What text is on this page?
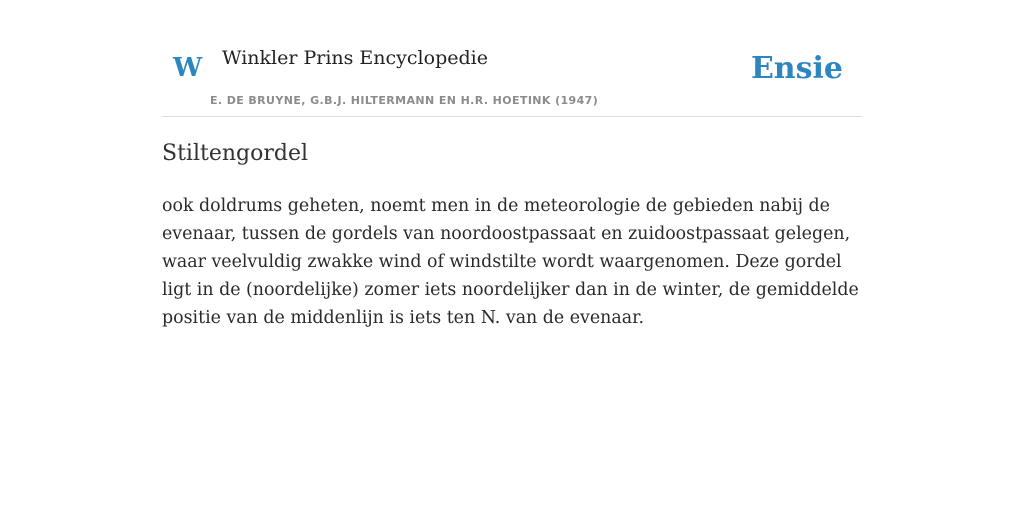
W Winkler Prins Encyclopedie
E. DE BRUYNE, G.B.J. HILTERMANN EN H.R. HOETINK (1947)
Ensie
Stiltengordel

ook doldrums geheten, noemt men in de meteorologie de gebieden nabij de evenaar, tussen de gordels van noordoostpassaat en zuidoostpassaat gelegen, waar veelvuldig zwakke wind of windstilte wordt waargenomen. Deze gordel ligt in de (noordelijke) zomer iets noordelijker dan in de winter, de gemiddelde positie van de middenlijn is iets ten N. van de evenaar.
